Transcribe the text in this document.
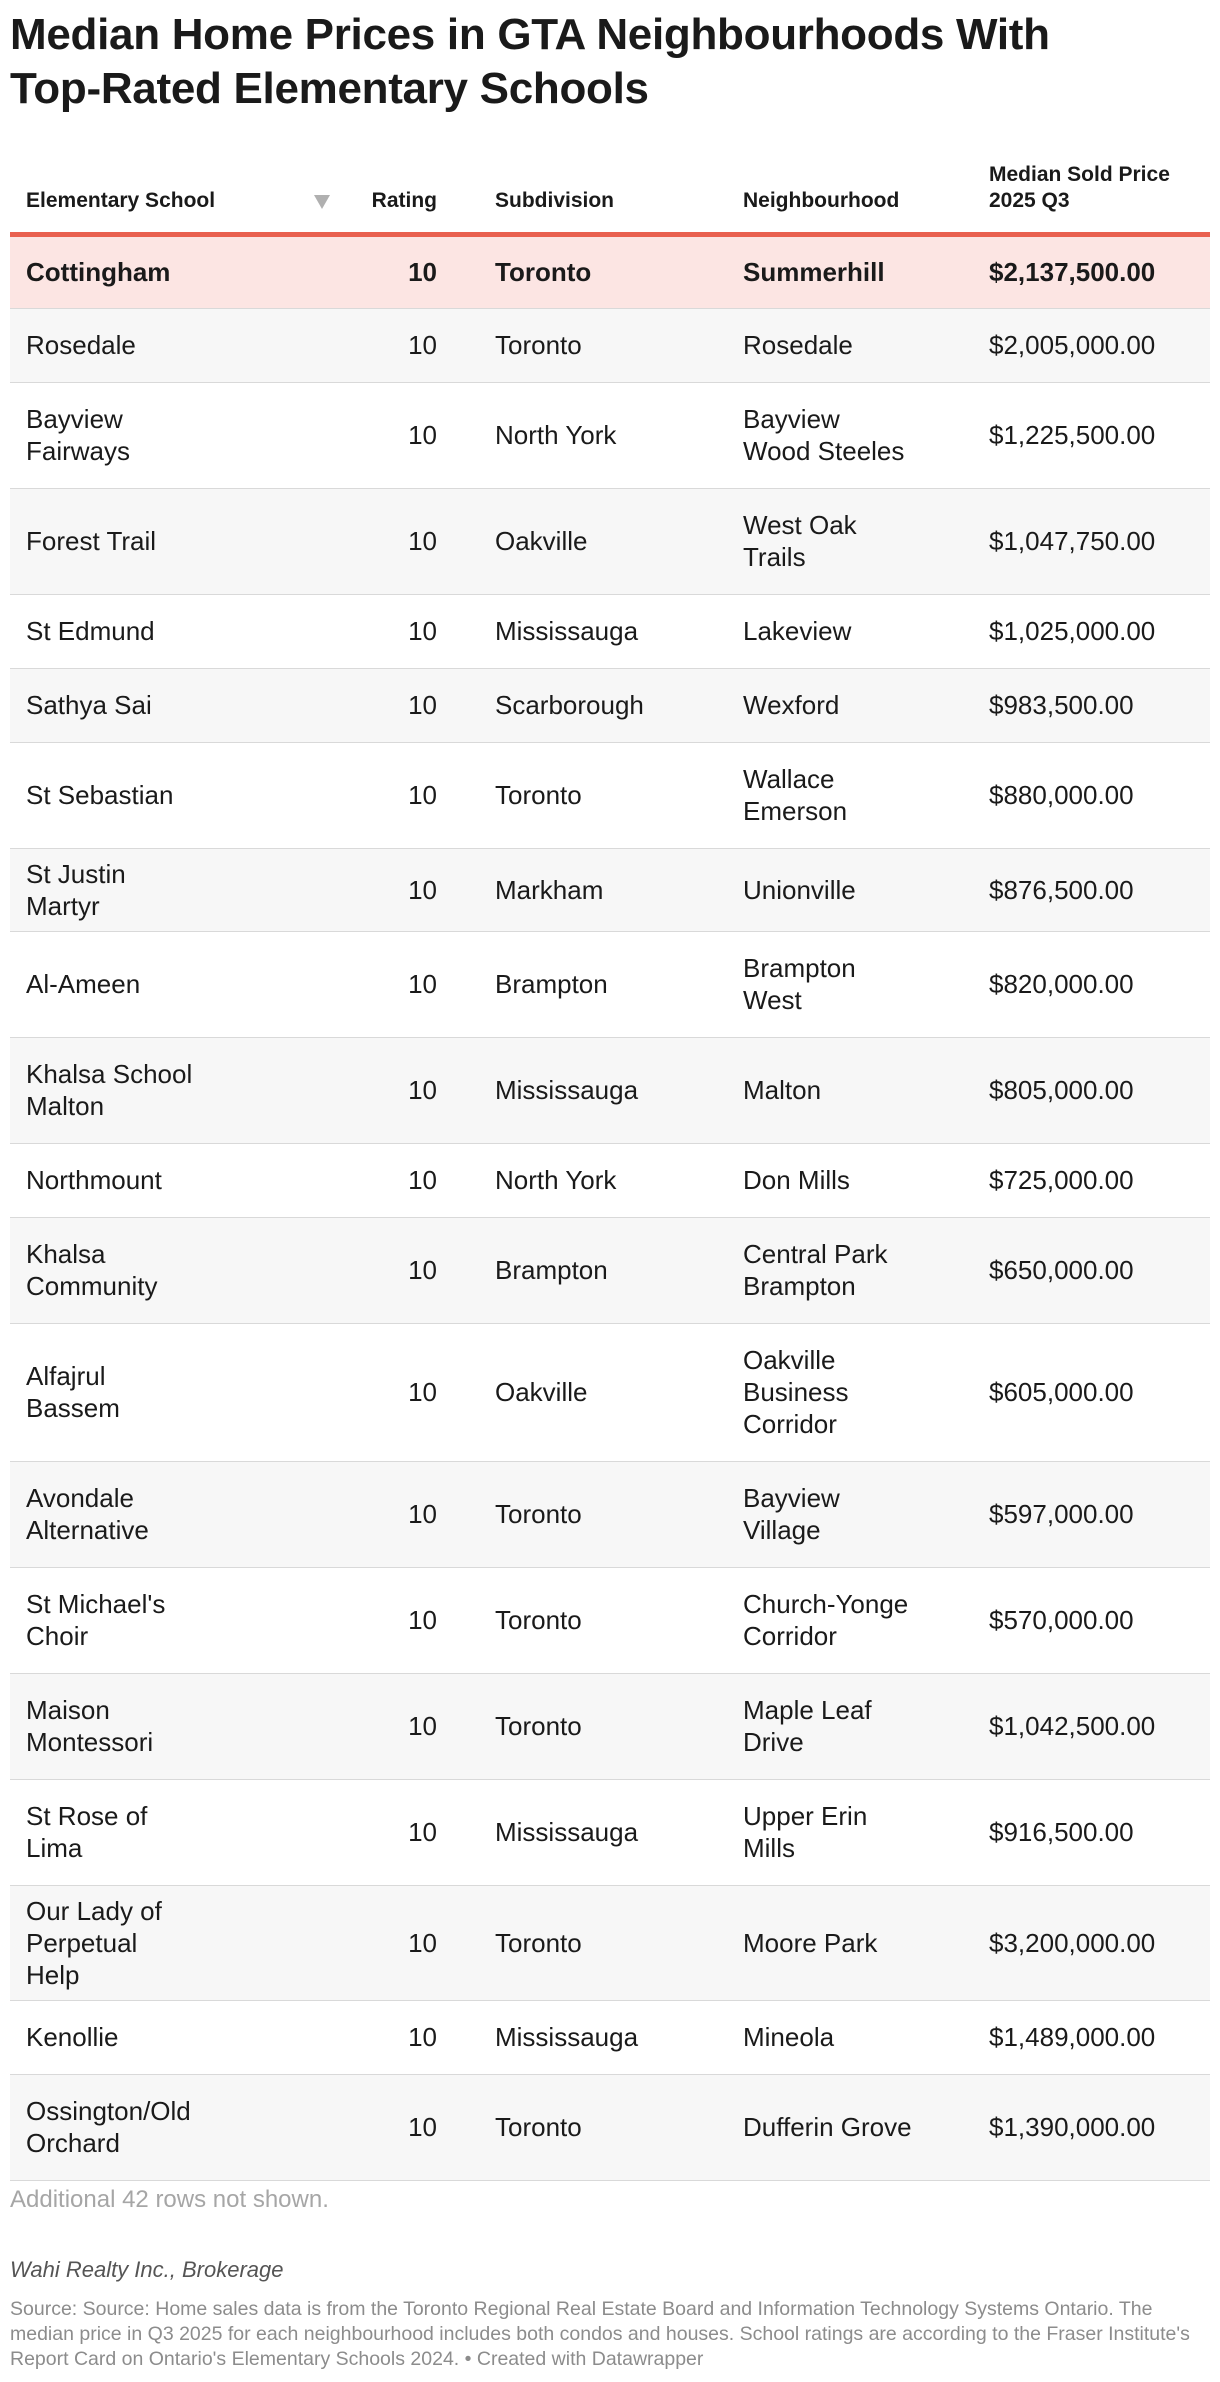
Median Home Prices in GTA Neighbourhoods With Top-Rated Elementary Schools
Elementary School	Rating	Subdivision	Neighbourhood	Median Sold Price 2025 Q3
Cottingham	10	Toronto	Summerhill	$2,137,500.00
Rosedale	10	Toronto	Rosedale	$2,005,000.00
Bayview Fairways	10	North York	Bayview Wood Steeles	$1,225,500.00
Forest Trail	10	Oakville	West Oak Trails	$1,047,750.00
St Edmund	10	Mississauga	Lakeview	$1,025,000.00
Sathya Sai	10	Scarborough	Wexford	$983,500.00
St Sebastian	10	Toronto	Wallace Emerson	$880,000.00
St Justin Martyr	10	Markham	Unionville	$876,500.00
Al-Ameen	10	Brampton	Brampton West	$820,000.00
Khalsa School Malton	10	Mississauga	Malton	$805,000.00
Northmount	10	North York	Don Mills	$725,000.00
Khalsa Community	10	Brampton	Central Park Brampton	$650,000.00
Alfajrul Bassem	10	Oakville	Oakville Business Corridor	$605,000.00
Avondale Alternative	10	Toronto	Bayview Village	$597,000.00
St Michael's Choir	10	Toronto	Church-Yonge Corridor	$570,000.00
Maison Montessori	10	Toronto	Maple Leaf Drive	$1,042,500.00
St Rose of Lima	10	Mississauga	Upper Erin Mills	$916,500.00
Our Lady of Perpetual Help	10	Toronto	Moore Park	$3,200,000.00
Kenollie	10	Mississauga	Mineola	$1,489,000.00
Ossington/Old Orchard	10	Toronto	Dufferin Grove	$1,390,000.00
Additional 42 rows not shown.
Wahi Realty Inc., Brokerage
Source: Source: Home sales data is from the Toronto Regional Real Estate Board and Information Technology Systems Ontario. The median price in Q3 2025 for each neighbourhood includes both condos and houses. School ratings are according to the Fraser Institute's Report Card on Ontario's Elementary Schools 2024. • Created with Datawrapper
